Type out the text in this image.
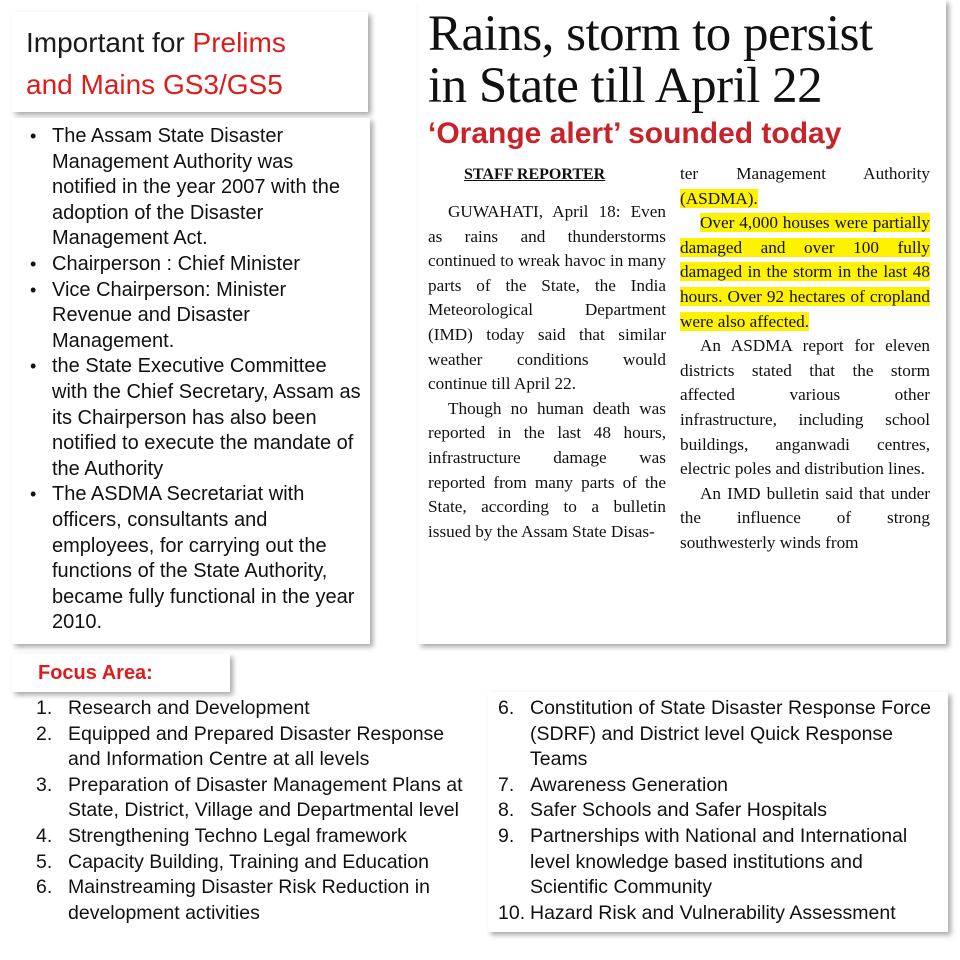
Important for Prelims
and Mains GS3/GS5
• The Assam State Disaster Management Authority was notified in the year 2007 with the adoption of the Disaster Management Act.
• Chairperson : Chief Minister
• Vice Chairperson: Minister Revenue and Disaster Management.
• the State Executive Committee with the Chief Secretary, Assam as its Chairperson has also been notified to execute the mandate of the Authority
• The ASDMA Secretariat with officers, consultants and employees, for carrying out the functions of the State Authority, became fully functional in the year 2010.
Rains, storm to persist
in State till April 22
‘Orange alert’ sounded today
STAFF REPORTER

GUWAHATI, April 18: Even as rains and thunderstorms continued to wreak havoc in many parts of the State, the India Meteorological Department (IMD) today said that similar weather conditions would continue till April 22.

Though no human death was reported in the last 48 hours, infrastructure damage was reported from many parts of the State, according to a bulletin issued by the Assam State Disas-

ter Management Authority (ASDMA).

Over 4,000 houses were partially damaged and over 100 fully damaged in the storm in the last 48 hours. Over 92 hectares of cropland were also affected.

An ASDMA report for eleven districts stated that the storm affected various other infrastructure, including school buildings, anganwadi centres, electric poles and distribution lines.

An IMD bulletin said that under the influence of strong southwesterly winds from

Focus Area:
1. Research and Development
2. Equipped and Prepared Disaster Response and Information Centre at all levels
3. Preparation of Disaster Management Plans at State, District, Village and Departmental level
4. Strengthening Techno Legal framework
5. Capacity Building, Training and Education
6. Mainstreaming Disaster Risk Reduction in development activities
6. Constitution of State Disaster Response Force (SDRF) and District level Quick Response Teams
7. Awareness Generation
8. Safer Schools and Safer Hospitals
9. Partnerships with National and International level knowledge based institutions and Scientific Community
10. Hazard Risk and Vulnerability Assessment
